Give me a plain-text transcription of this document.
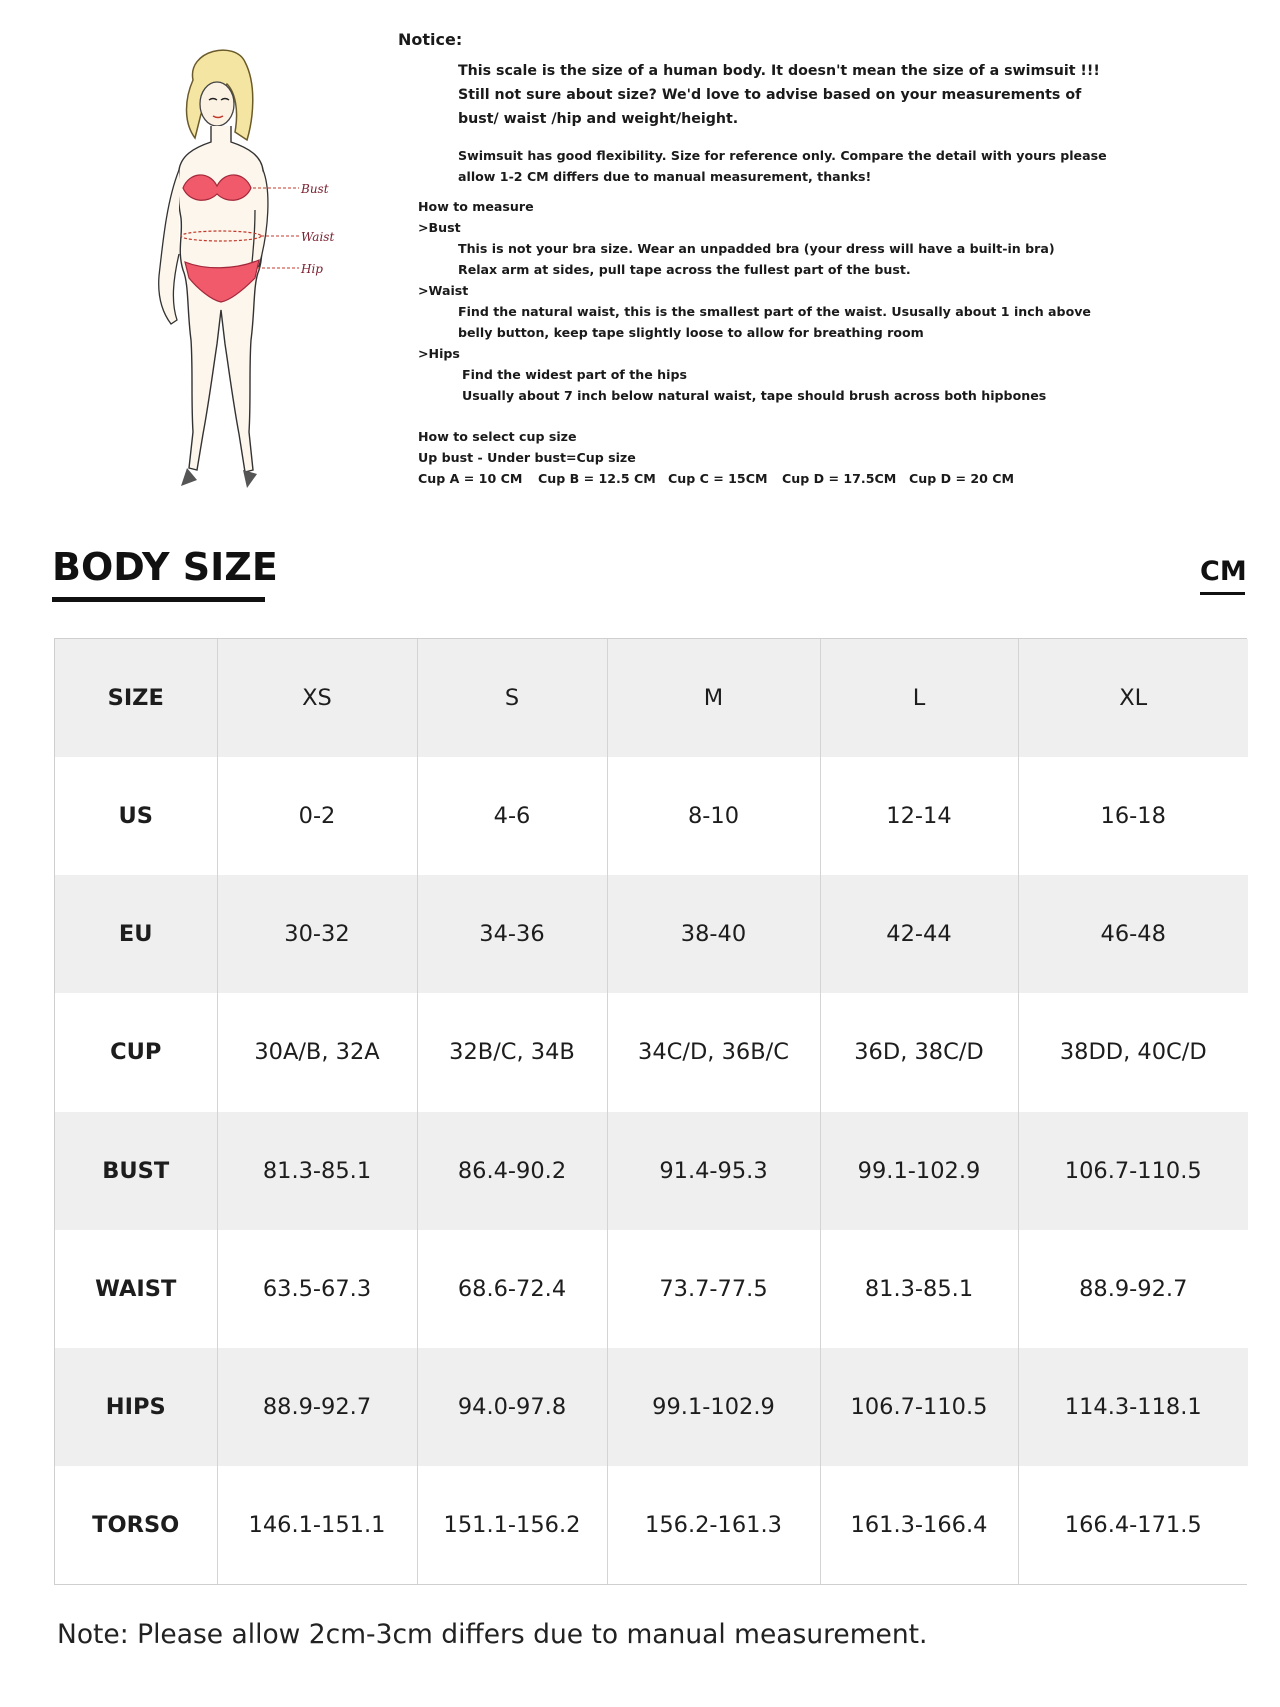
Bust
Waist
Hip
Notice:
This scale is the size of a human body. It doesn't mean the size of a swimsuit !!!
Still not sure about size? We'd love to advise based on your measurements of
bust/ waist /hip and weight/height.
Swimsuit has good flexibility. Size for reference only. Compare the detail with yours please
allow 1-2 CM differs due to manual measurement, thanks!
How to measure
>Bust
This is not your bra size. Wear an unpadded bra (your dress will have a built-in bra)
Relax arm at sides, pull tape across the fullest part of the bust.
>Waist
Find the natural waist, this is the smallest part of the waist. Ususally about 1 inch above
belly button, keep tape slightly loose to allow for breathing room
>Hips
Find the widest part of the hips
Usually about 7 inch below natural waist, tape should brush across both hipbones
How to select cup size
Up bust - Under bust=Cup size
Cup A = 10 CM Cup B = 12.5 CM Cup C = 15CM Cup D = 17.5CM Cup D = 20 CM
BODY SIZE	CM
SIZE	XS	S	M	L	XL
US	0-2	4-6	8-10	12-14	16-18
EU	30-32	34-36	38-40	42-44	46-48
CUP	30A/B, 32A	32B/C, 34B	34C/D, 36B/C	36D, 38C/D	38DD, 40C/D
BUST	81.3-85.1	86.4-90.2	91.4-95.3	99.1-102.9	106.7-110.5
WAIST	63.5-67.3	68.6-72.4	73.7-77.5	81.3-85.1	88.9-92.7
HIPS	88.9-92.7	94.0-97.8	99.1-102.9	106.7-110.5	114.3-118.1
TORSO	146.1-151.1	151.1-156.2	156.2-161.3	161.3-166.4	166.4-171.5
Note: Please allow 2cm-3cm differs due to manual measurement.
